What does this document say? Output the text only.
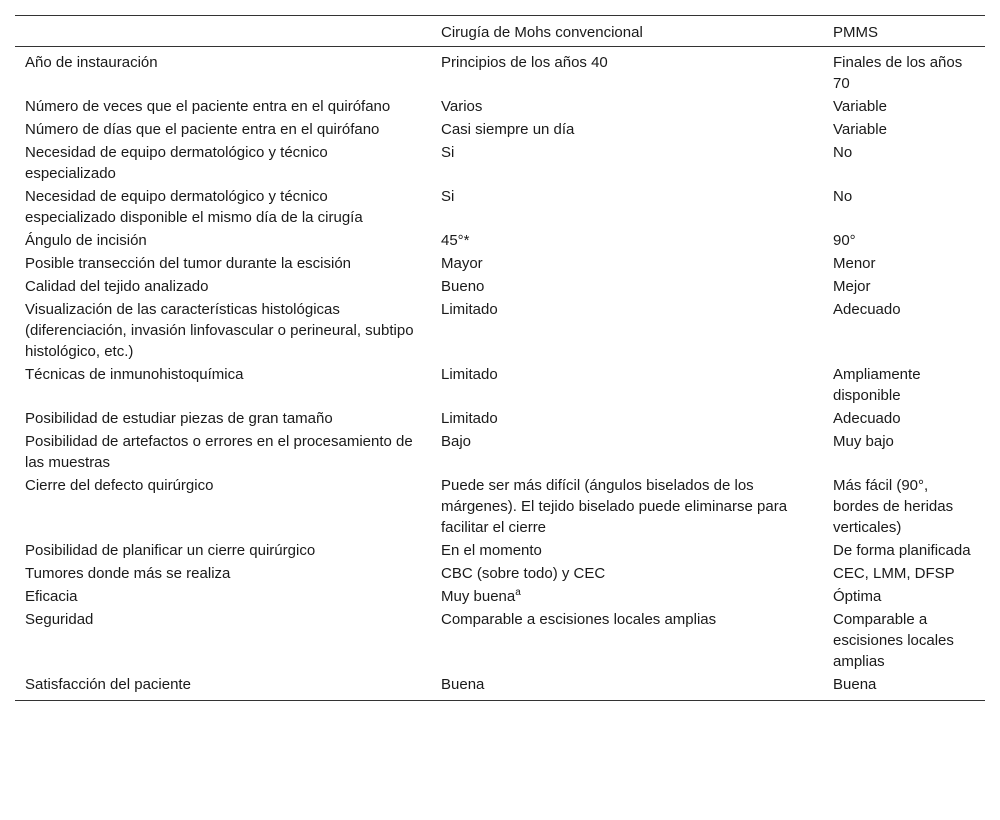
	Cirugía de Mohs convencional	PMMS
Año de instauración	Principios de los años 40	Finales de los años 70
Número de veces que el paciente entra en el quirófano	Varios	Variable
Número de días que el paciente entra en el quirófano	Casi siempre un día	Variable
Necesidad de equipo dermatológico y técnico especializado	Si	No
Necesidad de equipo dermatológico y técnico especializado disponible el mismo día de la cirugía	Si	No
Ángulo de incisión	45°*	90°
Posible transección del tumor durante la escisión	Mayor	Menor
Calidad del tejido analizado	Bueno	Mejor
Visualización de las características histológicas (diferenciación, invasión linfovascular o perineural, subtipo histológico, etc.)	Limitado	Adecuado
Técnicas de inmunohistoquímica	Limitado	Ampliamente disponible
Posibilidad de estudiar piezas de gran tamaño	Limitado	Adecuado
Posibilidad de artefactos o errores en el procesamiento de las muestras	Bajo	Muy bajo
Cierre del defecto quirúrgico	Puede ser más difícil (ángulos biselados de los márgenes). El tejido biselado puede eliminarse para facilitar el cierre	Más fácil (90°, bordes de heridas verticales)
Posibilidad de planificar un cierre quirúrgico	En el momento	De forma planificada
Tumores donde más se realiza	CBC (sobre todo) y CEC	CEC, LMM, DFSP
Eficacia	Muy buena$^a$	Óptima
Seguridad	Comparable a escisiones locales amplias	Comparable a escisiones locales amplias
Satisfacción del paciente	Buena	Buena
